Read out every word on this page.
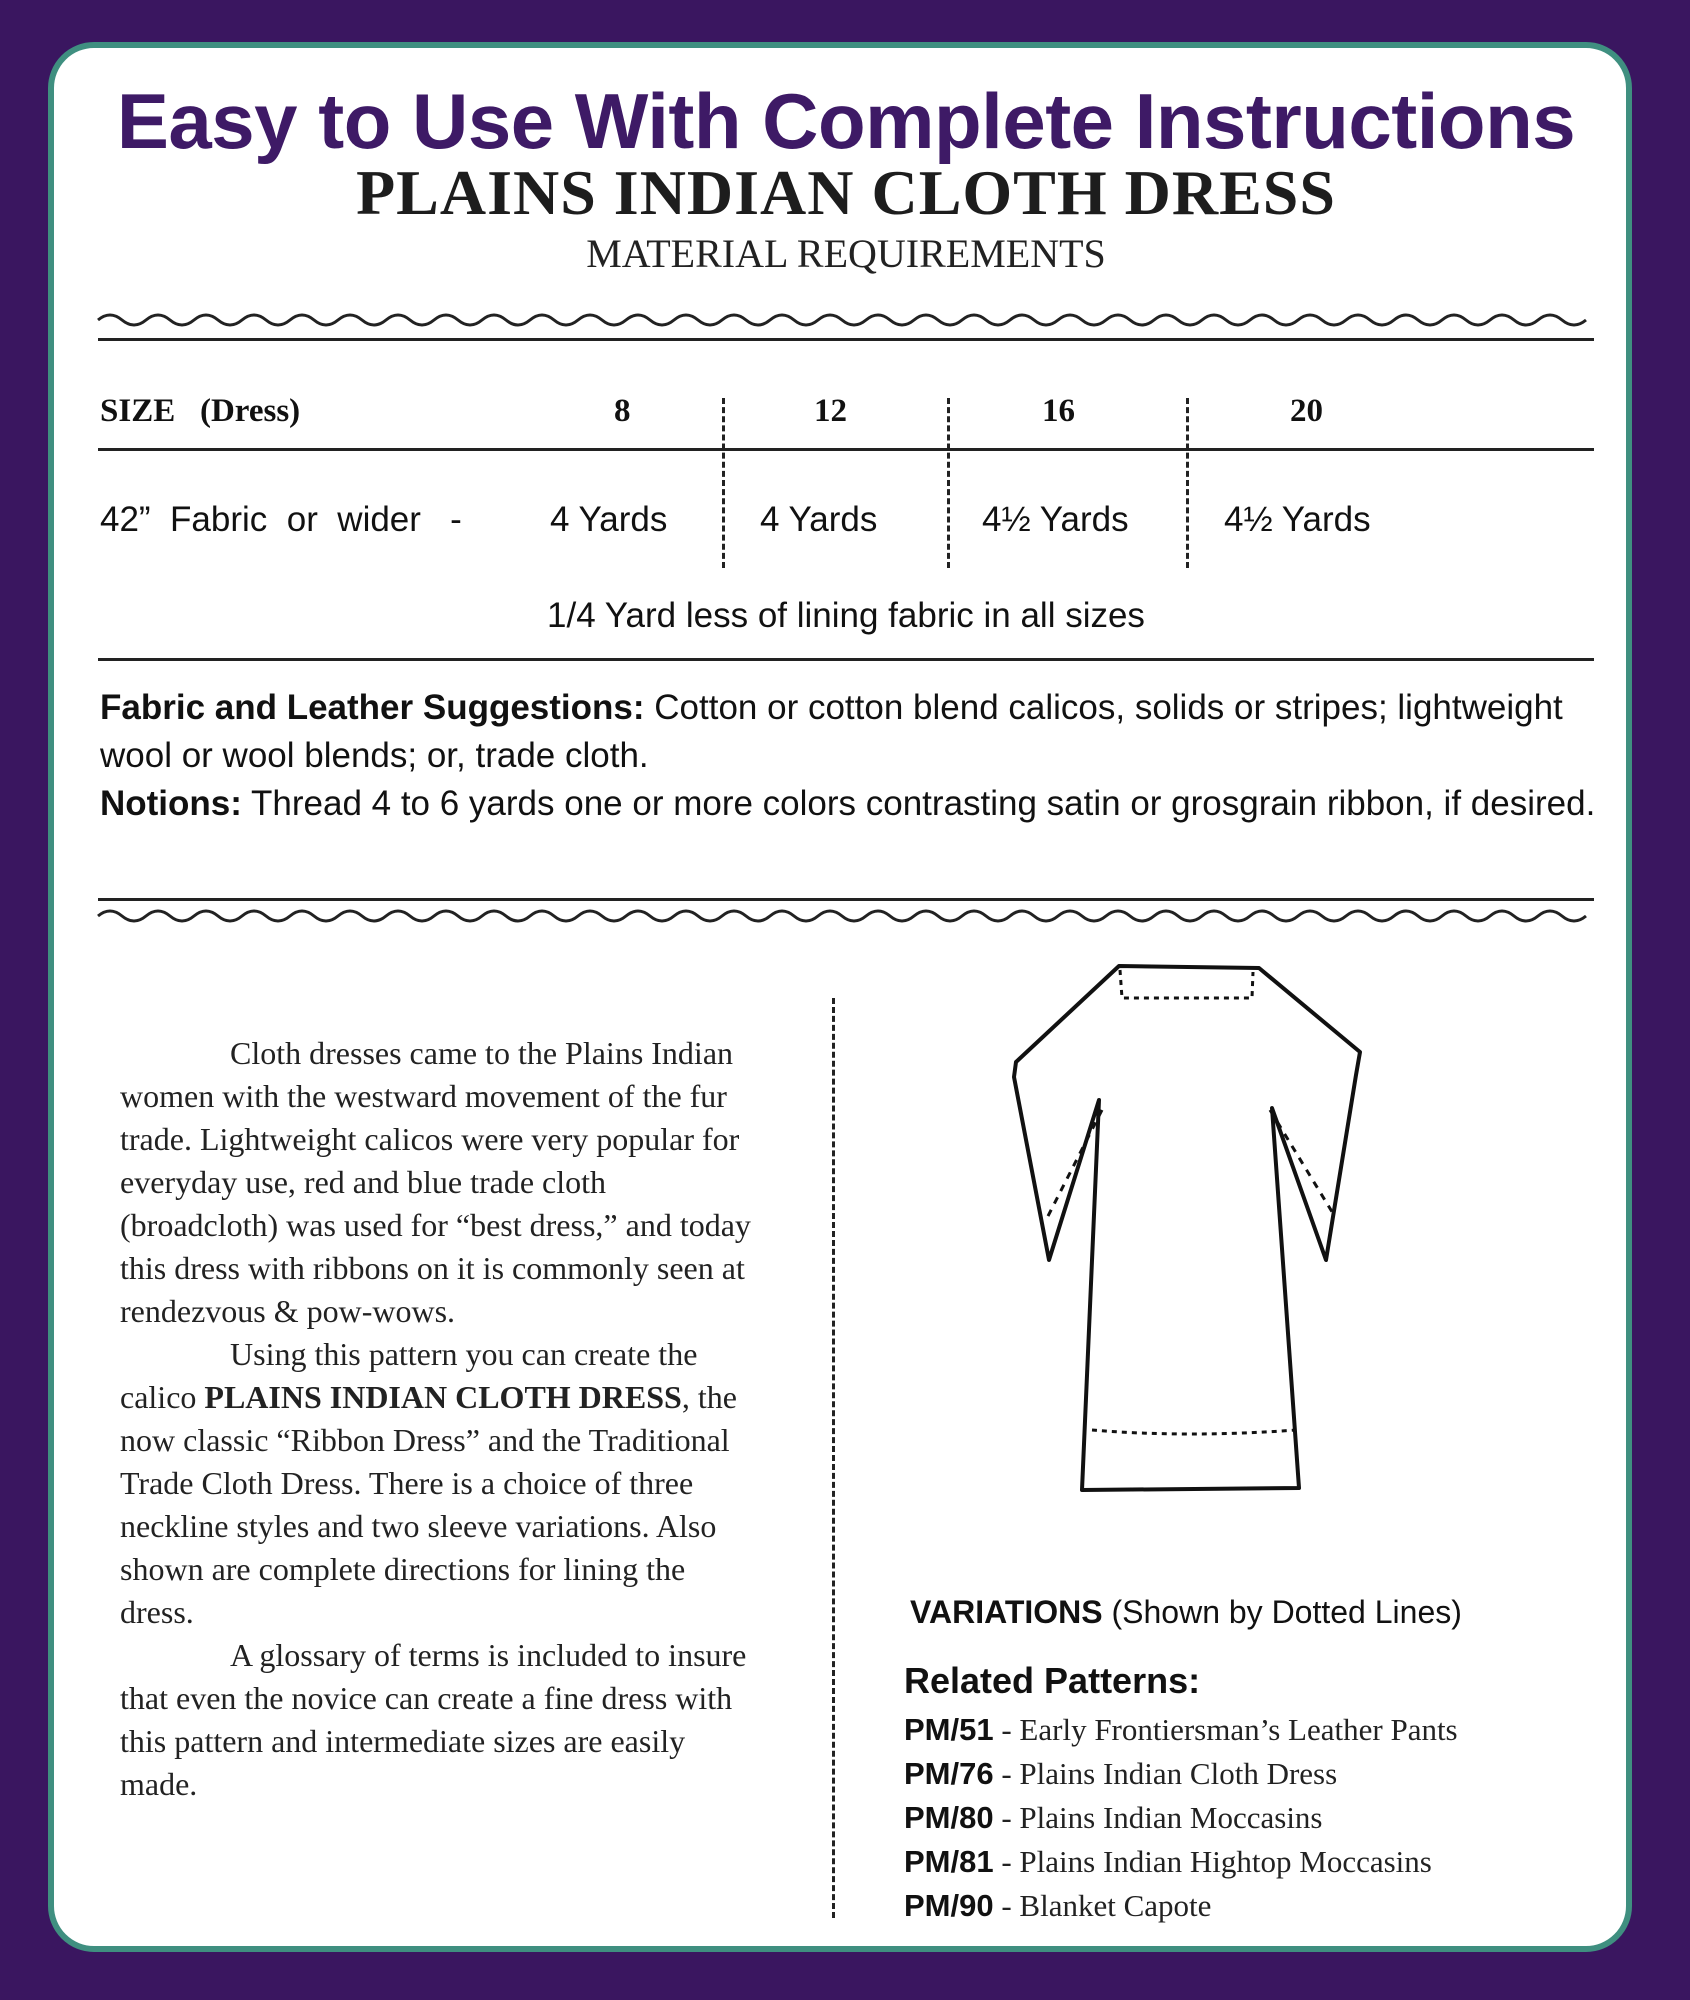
Easy to Use With Complete Instructions
PLAINS INDIAN CLOTH DRESS
MATERIAL REQUIREMENTS
SIZE   (Dress)	8	12	16	20
42”  Fabric  or  wider   -	4 Yards	4 Yards	4½ Yards	4½ Yards
1/4 Yard less of lining fabric in all sizes
Fabric and Leather Suggestions: Cotton or cotton blend calicos, solids or stripes; lightweight wool or wool blends; or, trade cloth.
Notions: Thread 4 to 6 yards one or more colors contrasting satin or grosgrain ribbon, if desired.

Cloth dresses came to the Plains Indian women with the westward movement of the fur trade. Lightweight calicos were very popular for everyday use, red and blue trade cloth (broadcloth) was used for “best dress,” and today this dress with ribbons on it is commonly seen at rendezvous & pow-wows.

Using this pattern you can create the calico PLAINS INDIAN CLOTH DRESS, the now classic “Ribbon Dress” and the Traditional Trade Cloth Dress. There is a choice of three neckline styles and two sleeve variations. Also shown are complete directions for lining the dress.

A glossary of terms is included to insure that even the novice can create a fine dress with this pattern and intermediate sizes are easily made.

VARIATIONS (Shown by Dotted Lines)
Related Patterns:
PM/51 - Early Frontiersman’s Leather Pants
PM/76 - Plains Indian Cloth Dress
PM/80 - Plains Indian Moccasins
PM/81 - Plains Indian Hightop Moccasins
PM/90 - Blanket Capote
